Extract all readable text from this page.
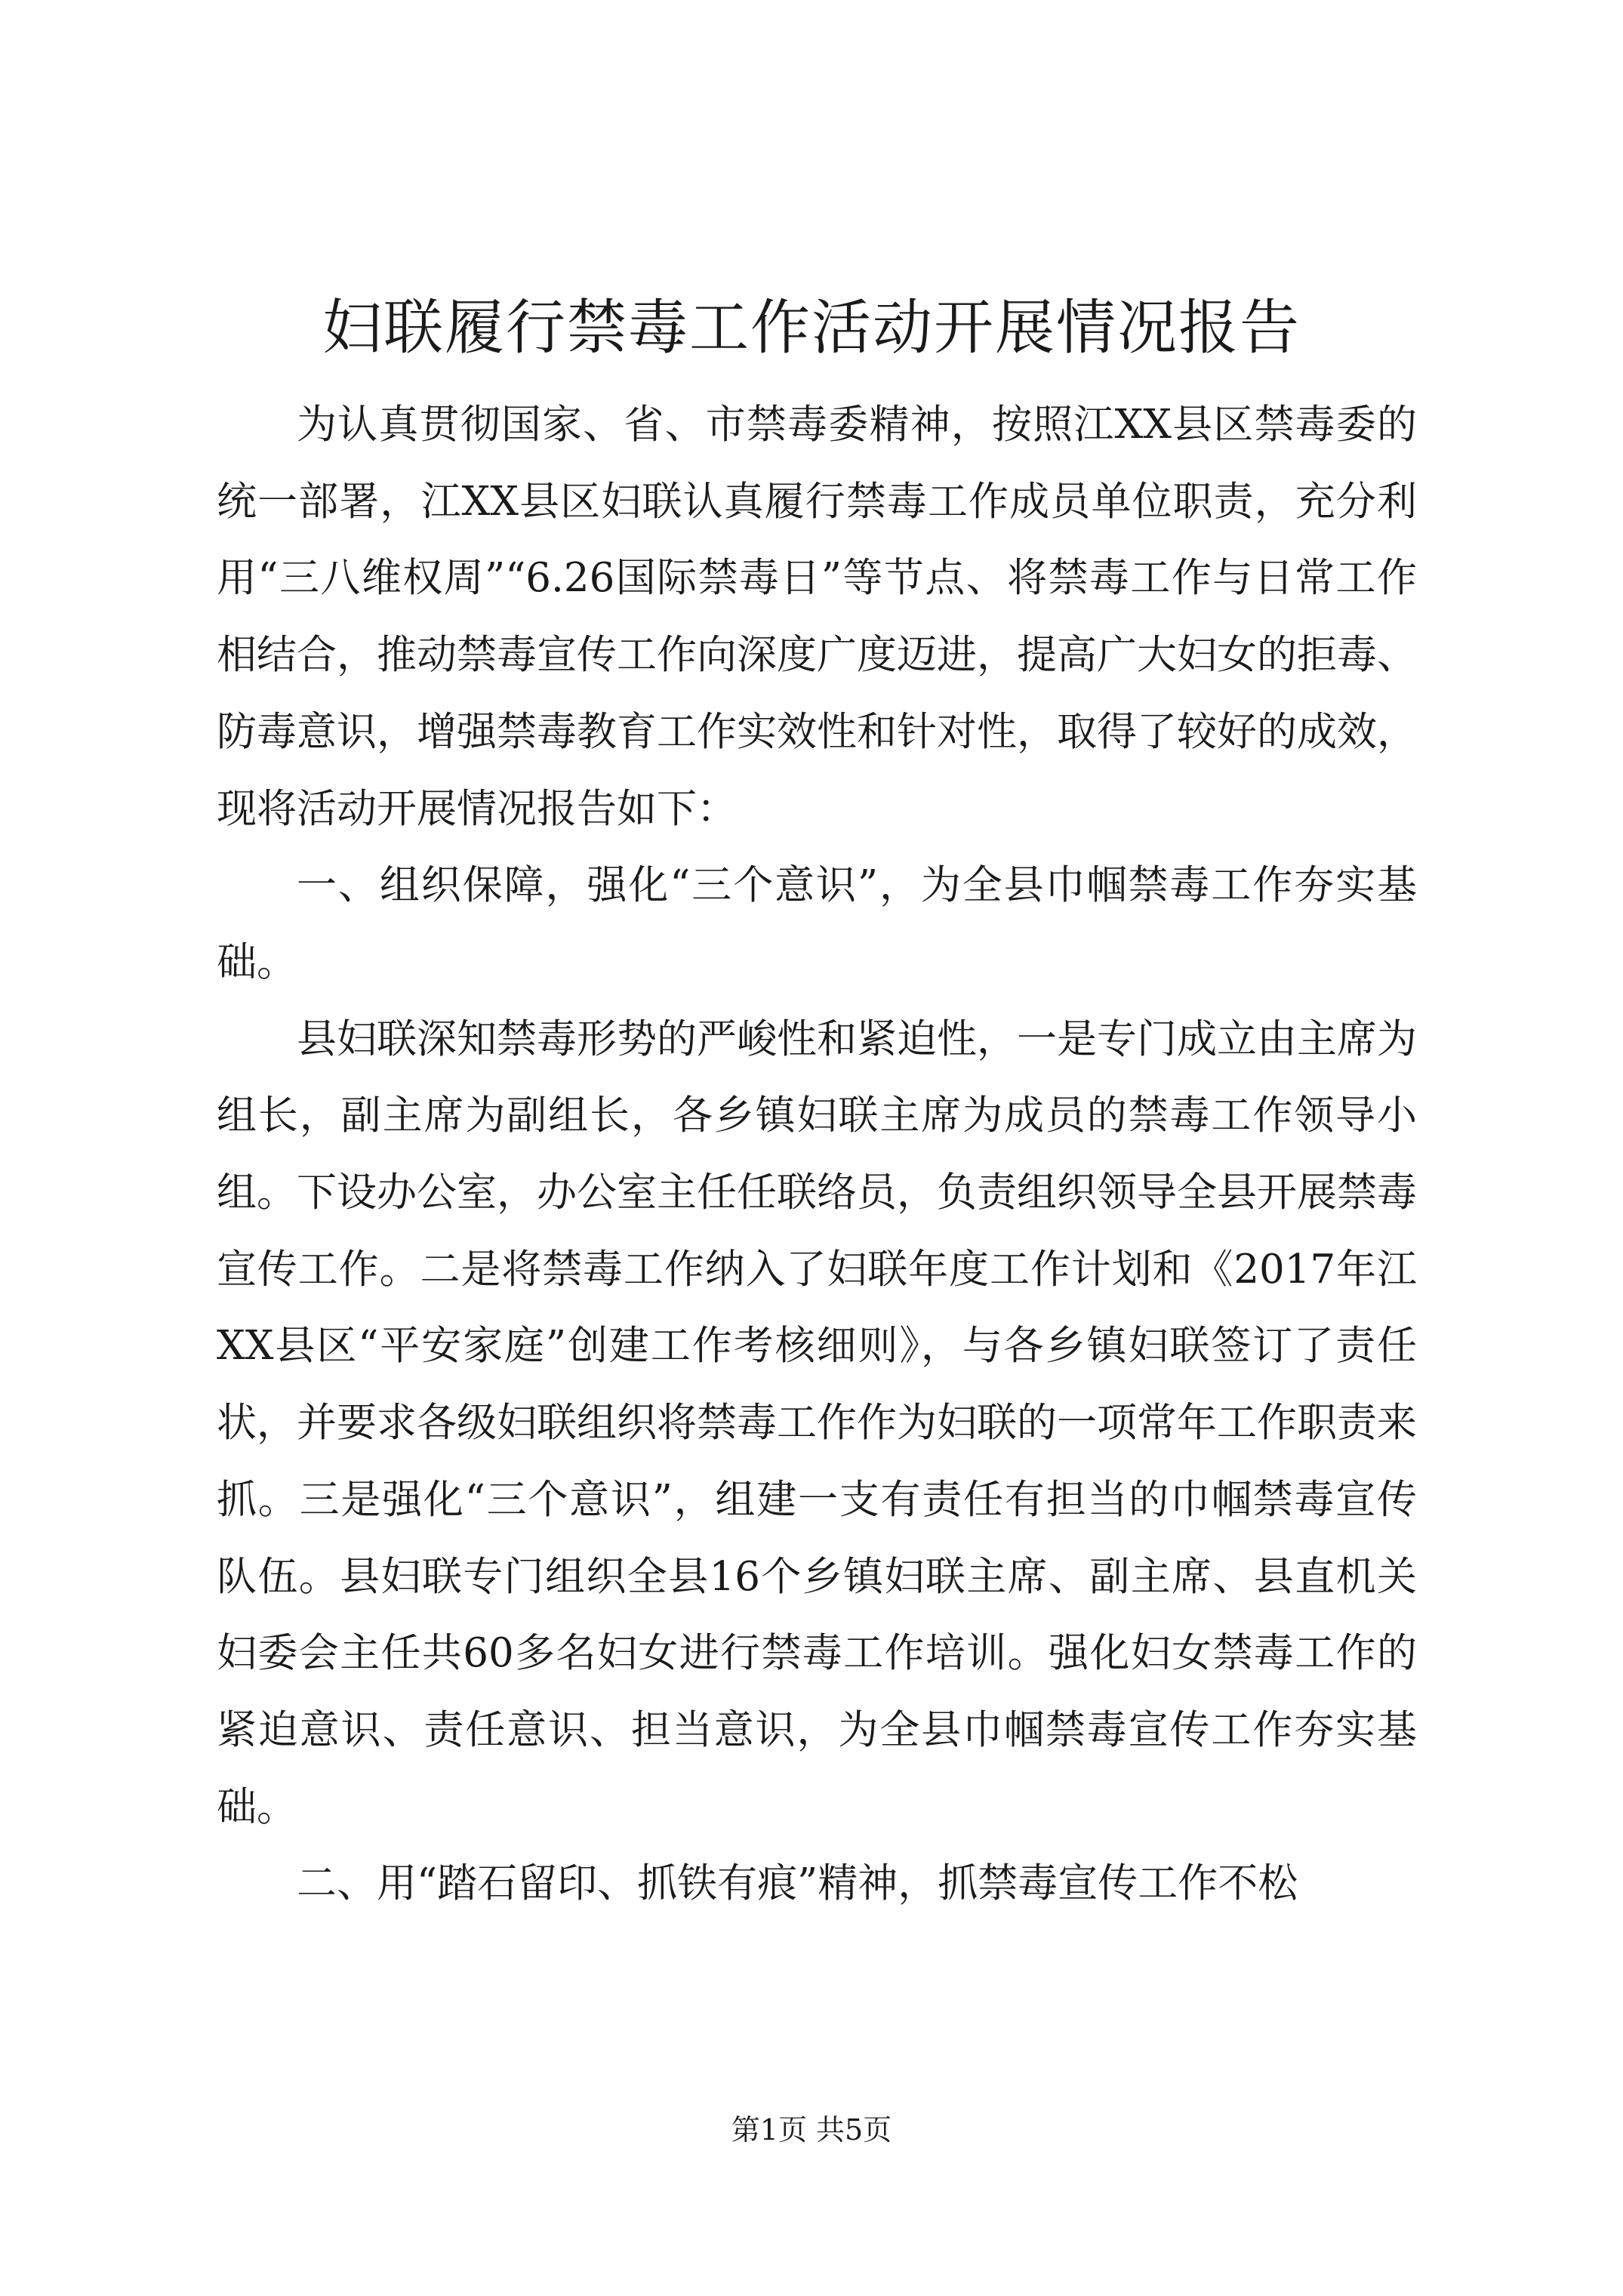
妇联履行禁毒工作活动开展情况报告

为认真贯彻国家、省、市禁毒委精神，按照江XX县区禁毒委的统一部署，江XX县区妇联认真履行禁毒工作成员单位职责，充分利用“三八维权周”“6.26国际禁毒日”等节点、将禁毒工作与日常工作相结合，推动禁毒宣传工作向深度广度迈进，提高广大妇女的拒毒、防毒意识，增强禁毒教育工作实效性和针对性，取得了较好的成效，现将活动开展情况报告如下：

一、组织保障，强化“三个意识”，为全县巾帼禁毒工作夯实基础。

县妇联深知禁毒形势的严峻性和紧迫性，一是专门成立由主席为组长，副主席为副组长，各乡镇妇联主席为成员的禁毒工作领导小组。下设办公室，办公室主任任联络员，负责组织领导全县开展禁毒宣传工作。二是将禁毒工作纳入了妇联年度工作计划和《2017年江XX县区“平安家庭”创建工作考核细则》，与各乡镇妇联签订了责任状，并要求各级妇联组织将禁毒工作作为妇联的一项常年工作职责来抓。三是强化“三个意识”，组建一支有责任有担当的巾帼禁毒宣传队伍。县妇联专门组织全县16个乡镇妇联主席、副主席、县直机关妇委会主任共60多名妇女进行禁毒工作培训。强化妇女禁毒工作的紧迫意识、责任意识、担当意识，为全县巾帼禁毒宣传工作夯实基础。

二、用“踏石留印、抓铁有痕”精神，抓禁毒宣传工作不松

第1页 共5页
